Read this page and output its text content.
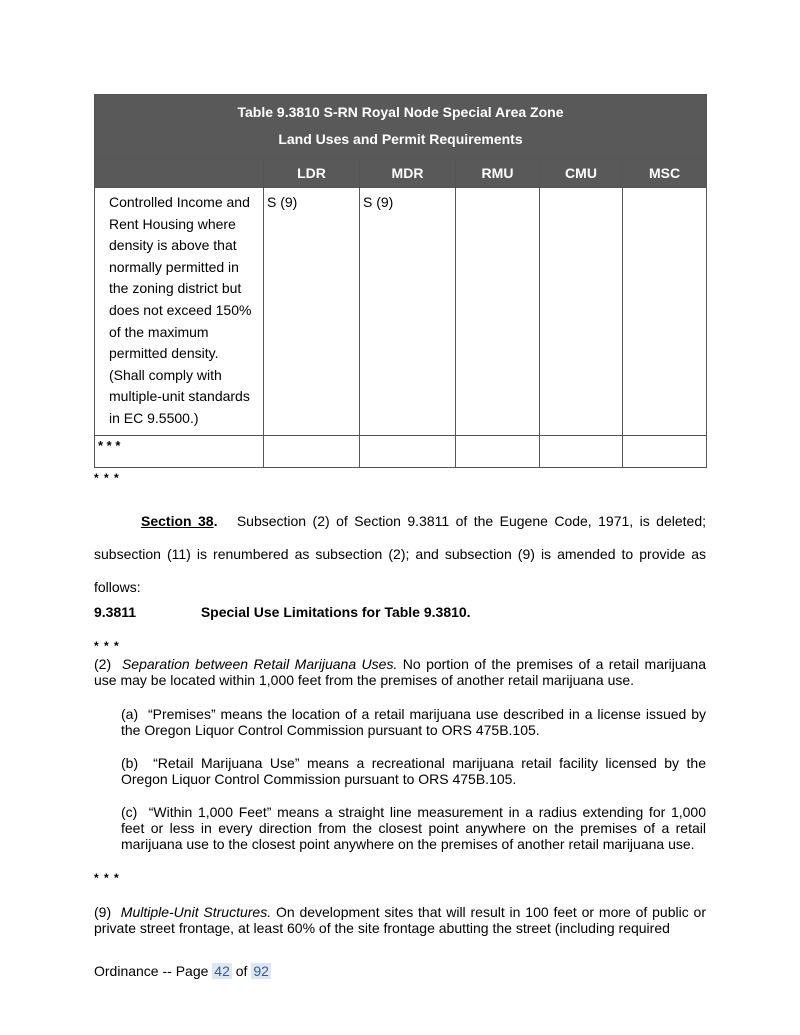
Table 9.3810 S-RN Royal Node Special Area Zone
Land Uses and Permit Requirements					

	LDR	MDR	RMU	CMU	MSC
Controlled Income and Rent Housing where density is above that normally permitted in the zoning district but does not exceed 150% of the maximum permitted density. (Shall comply with multiple-unit standards in EC 9.5500.)	S (9)	S (9)			
* * *					
* * *
Section 38. Subsection (2) of Section 9.3811 of the Eugene Code, 1971, is deleted; subsection (11) is renumbered as subsection (2); and subsection (9) is amended to provide as follows:
9.3811	Special Use Limitations for Table 9.3810.
* * *
(2) Separation between Retail Marijuana Uses. No portion of the premises of a retail marijuana use may be located within 1,000 feet from the premises of another retail marijuana use.
(a) “Premises” means the location of a retail marijuana use described in a license issued by the Oregon Liquor Control Commission pursuant to ORS 475B.105.
(b) “Retail Marijuana Use” means a recreational marijuana retail facility licensed by the Oregon Liquor Control Commission pursuant to ORS 475B.105.
(c) “Within 1,000 Feet” means a straight line measurement in a radius extending for 1,000 feet or less in every direction from the closest point anywhere on the premises of a retail marijuana use to the closest point anywhere on the premises of another retail marijuana use.
* * *
(9) Multiple-Unit Structures. On development sites that will result in 100 feet or more of public or private street frontage, at least 60% of the site frontage abutting the street (including required
Ordinance -- Page 42 of 92
